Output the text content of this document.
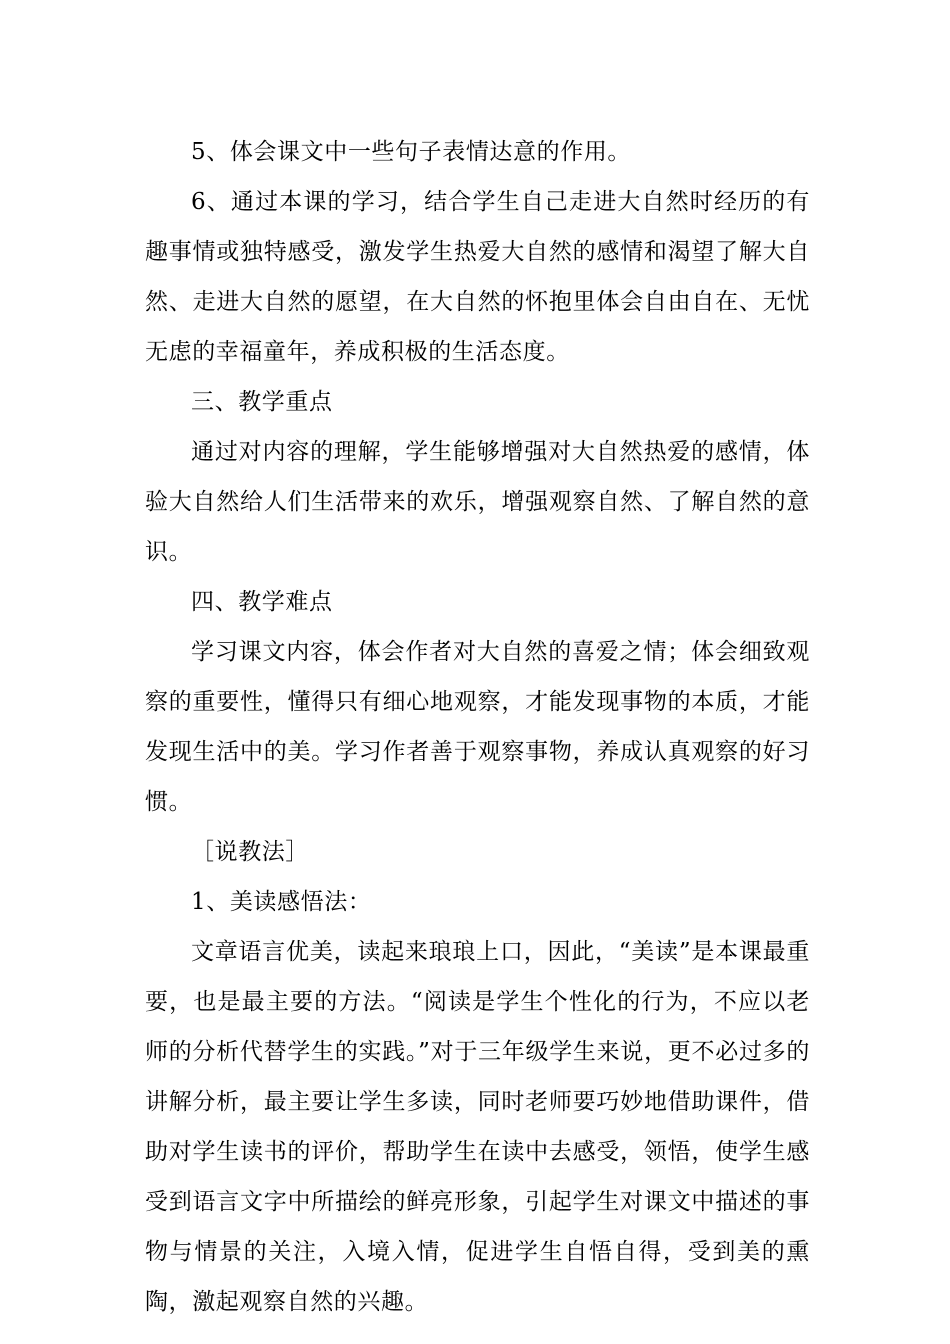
5、体会课文中一些句子表情达意的作用。

6、通过本课的学习，结合学生自己走进大自然时经历的有趣事情或独特感受，激发学生热爱大自然的感情和渴望了解大自然、走进大自然的愿望，在大自然的怀抱里体会自由自在、无忧无虑的幸福童年，养成积极的生活态度。

三、教学重点

通过对内容的理解，学生能够增强对大自然热爱的感情，体验大自然给人们生活带来的欢乐，增强观察自然、了解自然的意识。

四、教学难点

学习课文内容，体会作者对大自然的喜爱之情；体会细致观察的重要性，懂得只有细心地观察，才能发现事物的本质，才能发现生活中的美。学习作者善于观察事物，养成认真观察的好习惯。

［说教法］

1、美读感悟法：

文章语言优美，读起来琅琅上口，因此，“美读”是本课最重要，也是最主要的方法。“阅读是学生个性化的行为，不应以老师的分析代替学生的实践。”对于三年级学生来说，更不必过多的讲解分析，最主要让学生多读，同时老师要巧妙地借助课件，借助对学生读书的评价，帮助学生在读中去感受，领悟，使学生感受到语言文字中所描绘的鲜亮形象，引起学生对课文中描述的事物与情景的关注，入境入情，促进学生自悟自得，受到美的熏陶，激起观察自然的兴趣。
